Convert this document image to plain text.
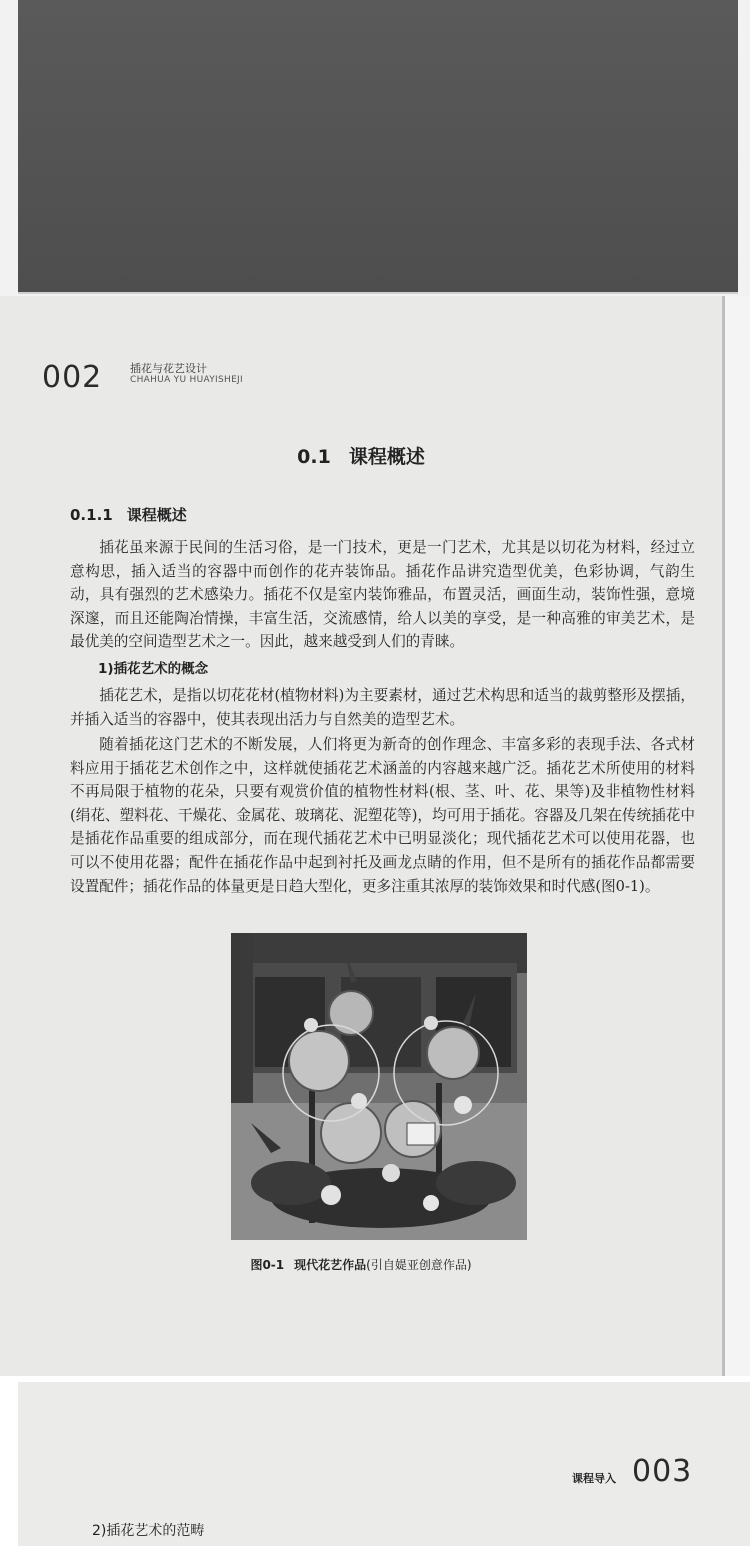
002	插花与花艺设计
CHAHUA YU HUAYISHEJI
0.1 课程概述
0.1.1 课程概述
插花虽来源于民间的生活习俗，是一门技术，更是一门艺术，尤其是以切花为材料，经过立意构思，插入适当的容器中而创作的花卉装饰品。插花作品讲究造型优美，色彩协调，气韵生动，具有强烈的艺术感染力。插花不仅是室内装饰雅品，布置灵活，画面生动，装饰性强，意境深邃，而且还能陶冶情操，丰富生活，交流感情，给人以美的享受，是一种高雅的审美艺术，是最优美的空间造型艺术之一。因此，越来越受到人们的青睐。
1)插花艺术的概念
插花艺术，是指以切花花材(植物材料)为主要素材，通过艺术构思和适当的裁剪整形及摆插，并插入适当的容器中，使其表现出活力与自然美的造型艺术。
随着插花这门艺术的不断发展，人们将更为新奇的创作理念、丰富多彩的表现手法、各式材料应用于插花艺术创作之中，这样就使插花艺术涵盖的内容越来越广泛。插花艺术所使用的材料不再局限于植物的花朵，只要有观赏价值的植物性材料(根、茎、叶、花、果等)及非植物性材料(绢花、塑料花、干燥花、金属花、玻璃花、泥塑花等)，均可用于插花。容器及几架在传统插花中是插花作品重要的组成部分，而在现代插花艺术中已明显淡化；现代插花艺术可以使用花器，也可以不使用花器；配件在插花作品中起到衬托及画龙点睛的作用，但不是所有的插花作品都需要设置配件；插花作品的体量更是日趋大型化，更多注重其浓厚的装饰效果和时代感(图0-1)。
图0-1 现代花艺作品(引自媞亚创意作品)
课程导入 003
2)插花艺术的范畴
